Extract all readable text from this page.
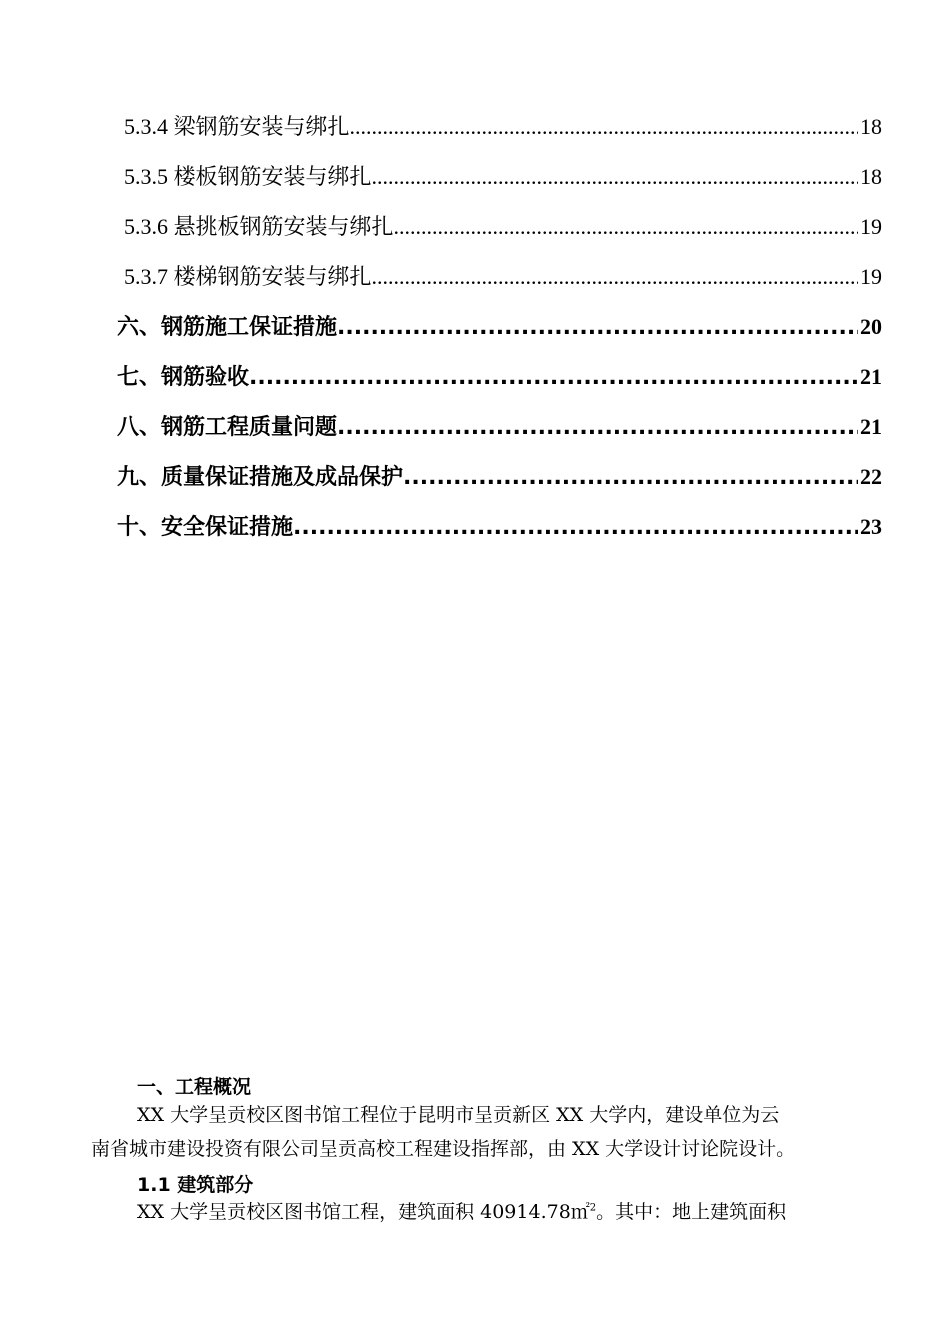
5.3.4 梁钢筋安装与绑扎 .....	18
5.3.5 楼板钢筋安装与绑扎 .....	18
5.3.6 悬挑板钢筋安装与绑扎 .....	19
5.3.7 楼梯钢筋安装与绑扎 .....	19
六、钢筋施工保证措施 .....	20
七、钢筋验收 .....	21
八、钢筋工程质量问题 .....	21
九、质量保证措施及成品保护 .....	22
十、安全保证措施 .....	23
一、工程概况
XX 大学呈贡校区图书馆工程位于昆明市呈贡新区 XX 大学内，建设单位为云
南省城市建设投资有限公司呈贡高校工程建设指挥部，由 XX 大学设计讨论院设计。
1.1 建筑部分
XX 大学呈贡校区图书馆工程，建筑面积 40914.78㎡$^2$。其中：地上建筑面积
